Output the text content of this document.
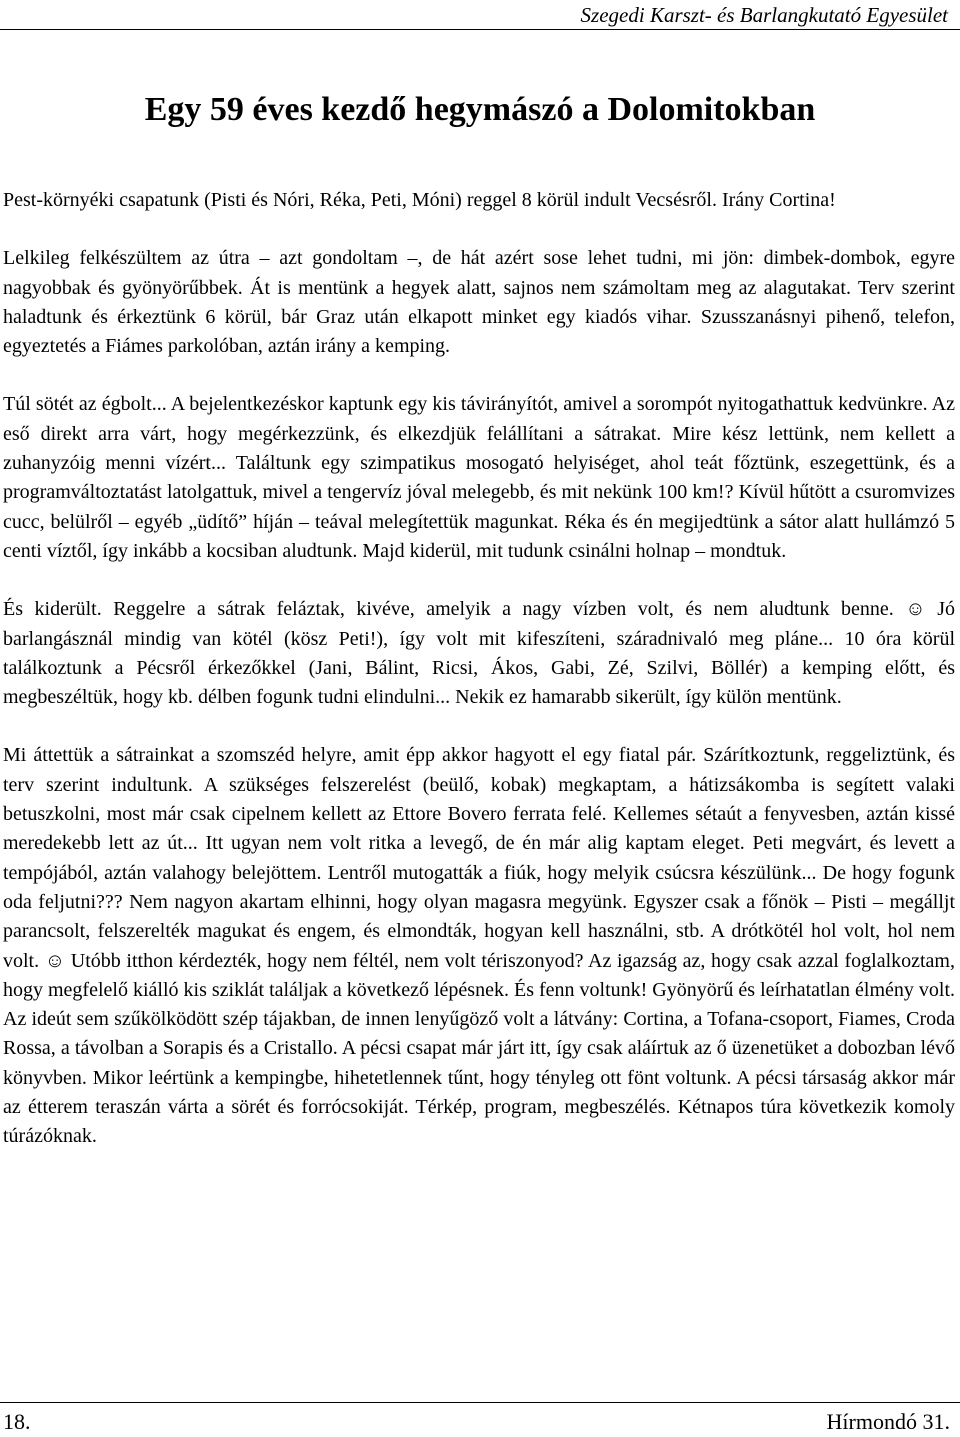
Szegedi Karszt- és Barlangkutató Egyesület
Egy 59 éves kezdő hegymászó a Dolomitokban

Pest-környéki csapatunk (Pisti és Nóri, Réka, Peti, Móni) reggel 8 körül indult Vecsésről. Irány Cortina!

Lelkileg felkészültem az útra – azt gondoltam –, de hát azért sose lehet tudni, mi jön: dimbek-dombok, egyre nagyobbak és gyönyörűbbek. Át is mentünk a hegyek alatt, sajnos nem számoltam meg az alagutakat. Terv szerint haladtunk és érkeztünk 6 körül, bár Graz után elkapott minket egy kiadós vihar. Szusszanásnyi pihenő, telefon, egyeztetés a Fiámes parkolóban, aztán irány a kemping.

Túl sötét az égbolt... A bejelentkezéskor kaptunk egy kis távirányítót, amivel a sorompót nyitogathattuk kedvünkre. Az eső direkt arra várt, hogy megérkezzünk, és elkezdjük felállítani a sátrakat. Mire kész lettünk, nem kellett a zuhanyzóig menni vízért... Találtunk egy szimpatikus mosogató helyiséget, ahol teát főztünk, eszegettünk, és a programváltoztatást latolgattuk, mivel a tengervíz jóval melegebb, és mit nekünk 100 km!? Kívül hűtött a csuromvizes cucc, belülről – egyéb „üdítő” híján – teával melegítettük magunkat. Réka és én megijedtünk a sátor alatt hullámzó 5 centi víztől, így inkább a kocsiban aludtunk. Majd kiderül, mit tudunk csinálni holnap – mondtuk.

És kiderült. Reggelre a sátrak feláztak, kivéve, amelyik a nagy vízben volt, és nem aludtunk benne. ☺ Jó barlangásznál mindig van kötél (kösz Peti!), így volt mit kifeszíteni, száradnivaló meg pláne... 10 óra körül találkoztunk a Pécsről érkezőkkel (Jani, Bálint, Ricsi, Ákos, Gabi, Zé, Szilvi, Böllér) a kemping előtt, és megbeszéltük, hogy kb. délben fogunk tudni elindulni... Nekik ez hamarabb sikerült, így külön mentünk.

Mi áttettük a sátrainkat a szomszéd helyre, amit épp akkor hagyott el egy fiatal pár. Szárítkoztunk, reggeliztünk, és terv szerint indultunk. A szükséges felszerelést (beülő, kobak) megkaptam, a hátizsákomba is segített valaki betuszkolni, most már csak cipelnem kellett az Ettore Bovero ferrata felé. Kellemes sétaút a fenyvesben, aztán kissé meredekebb lett az út... Itt ugyan nem volt ritka a levegő, de én már alig kaptam eleget. Peti megvárt, és levett a tempójából, aztán valahogy belejöttem. Lentről mutogatták a fiúk, hogy melyik csúcsra készülünk... De hogy fogunk oda feljutni??? Nem nagyon akartam elhinni, hogy olyan magasra megyünk. Egyszer csak a főnök – Pisti – megálljt parancsolt, felszerelték magukat és engem, és elmondták, hogyan kell használni, stb. A drótkötél hol volt, hol nem volt. ☺ Utóbb itthon kérdezték, hogy nem féltél, nem volt tériszonyod? Az igazság az, hogy csak azzal foglalkoztam, hogy megfelelő kiálló kis sziklát találjak a következő lépésnek. És fenn voltunk! Gyönyörű és leírhatatlan élmény volt. Az ideút sem szűkölködött szép tájakban, de innen lenyűgöző volt a látvány: Cortina, a Tofana-csoport, Fiames, Croda Rossa, a távolban a Sorapis és a Cristallo. A pécsi csapat már járt itt, így csak aláírtuk az ő üzenetüket a dobozban lévő könyvben. Mikor leértünk a kempingbe, hihetetlennek tűnt, hogy tényleg ott fönt voltunk. A pécsi társaság akkor már az étterem teraszán várta a sörét és forrócsokiját. Térkép, program, megbeszélés. Kétnapos túra következik komoly túrázóknak.

18.	Hírmondó 31.
